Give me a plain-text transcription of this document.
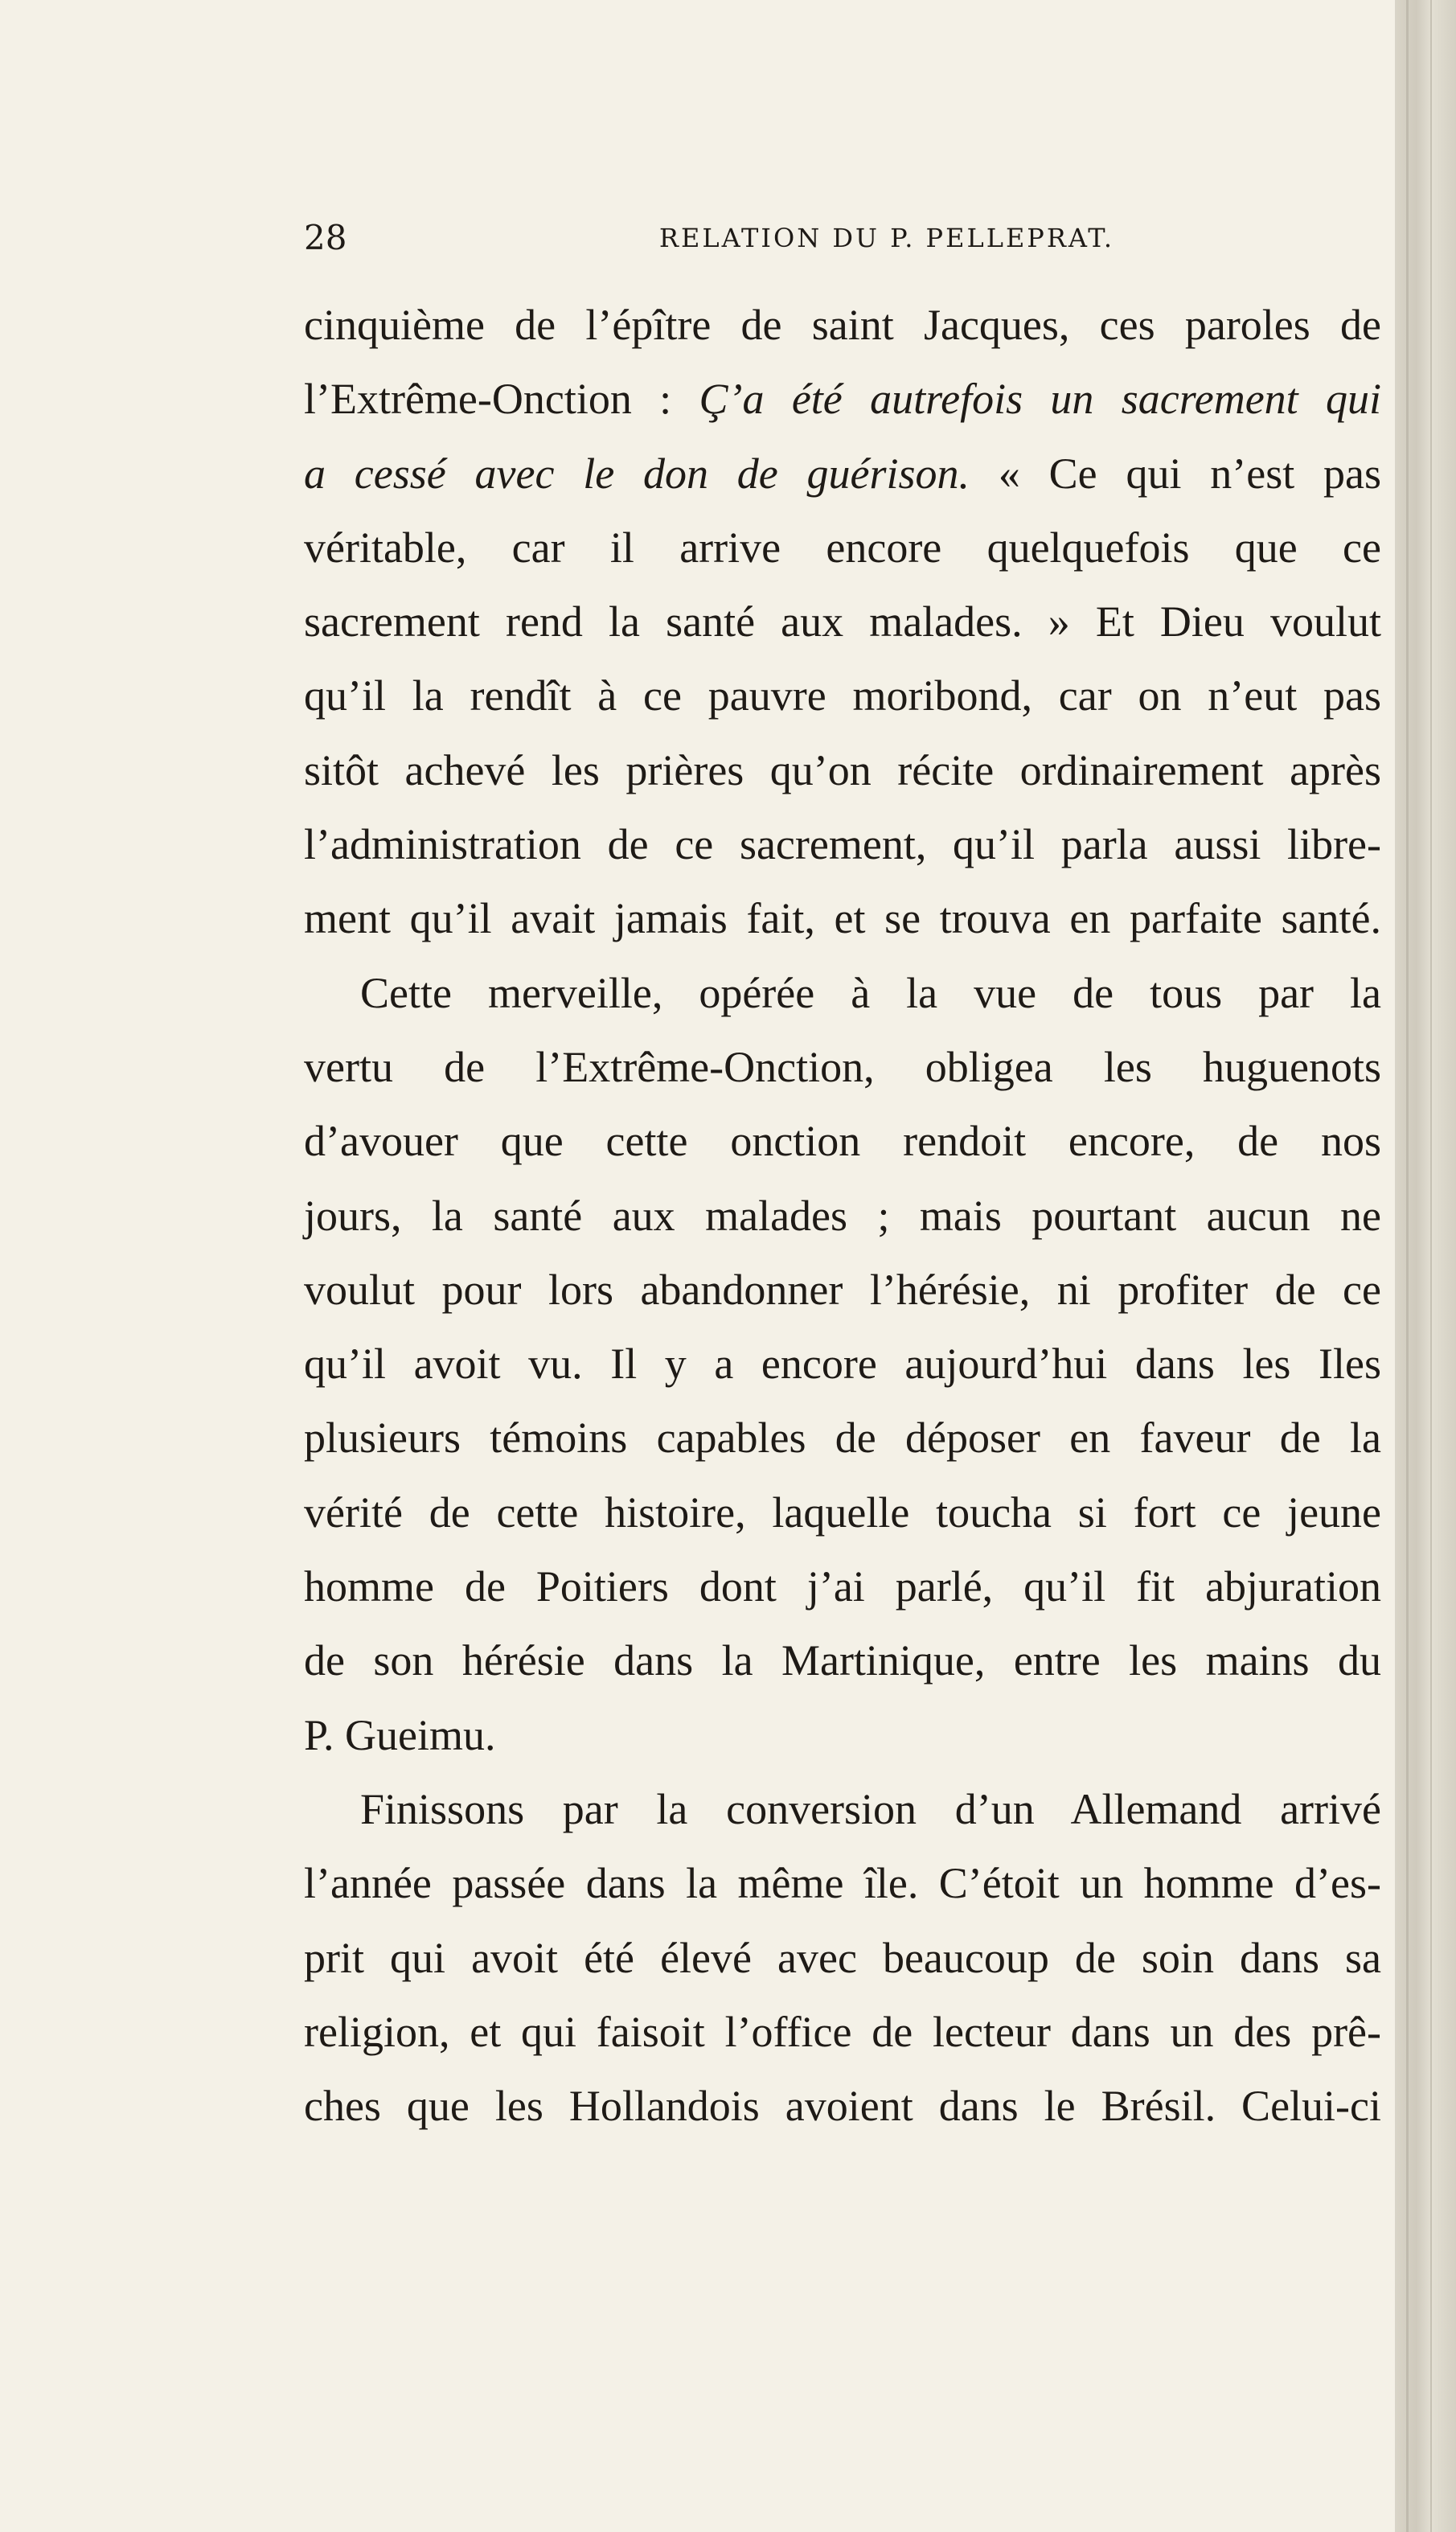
28	RELATION DU P. PELLEPRAT.
cinquième de l’épître de saint Jacques, ces paroles de
l’Extrême-Onction : Ç’a été autrefois un sacrement qui
a cessé avec le don de guérison. « Ce qui n’est pas
véritable, car il arrive encore quelquefois que ce
sacrement rend la santé aux malades. » Et Dieu voulut
qu’il la rendît à ce pauvre moribond, car on n’eut pas
sitôt achevé les prières qu’on récite ordinairement après
l’administration de ce sacrement, qu’il parla aussi libre-
ment qu’il avait jamais fait, et se trouva en parfaite santé.
Cette merveille, opérée à la vue de tous par la
vertu de l’Extrême-Onction, obligea les huguenots
d’avouer que cette onction rendoit encore, de nos
jours, la santé aux malades ; mais pourtant aucun ne
voulut pour lors abandonner l’hérésie, ni profiter de ce
qu’il avoit vu. Il y a encore aujourd’hui dans les Iles
plusieurs témoins capables de déposer en faveur de la
vérité de cette histoire, laquelle toucha si fort ce jeune
homme de Poitiers dont j’ai parlé, qu’il fit abjuration
de son hérésie dans la Martinique, entre les mains du
P. Gueimu.
Finissons par la conversion d’un Allemand arrivé
l’année passée dans la même île. C’étoit un homme d’es-
prit qui avoit été élevé avec beaucoup de soin dans sa
religion, et qui faisoit l’office de lecteur dans un des prê-
ches que les Hollandois avoient dans le Brésil. Celui-ci
